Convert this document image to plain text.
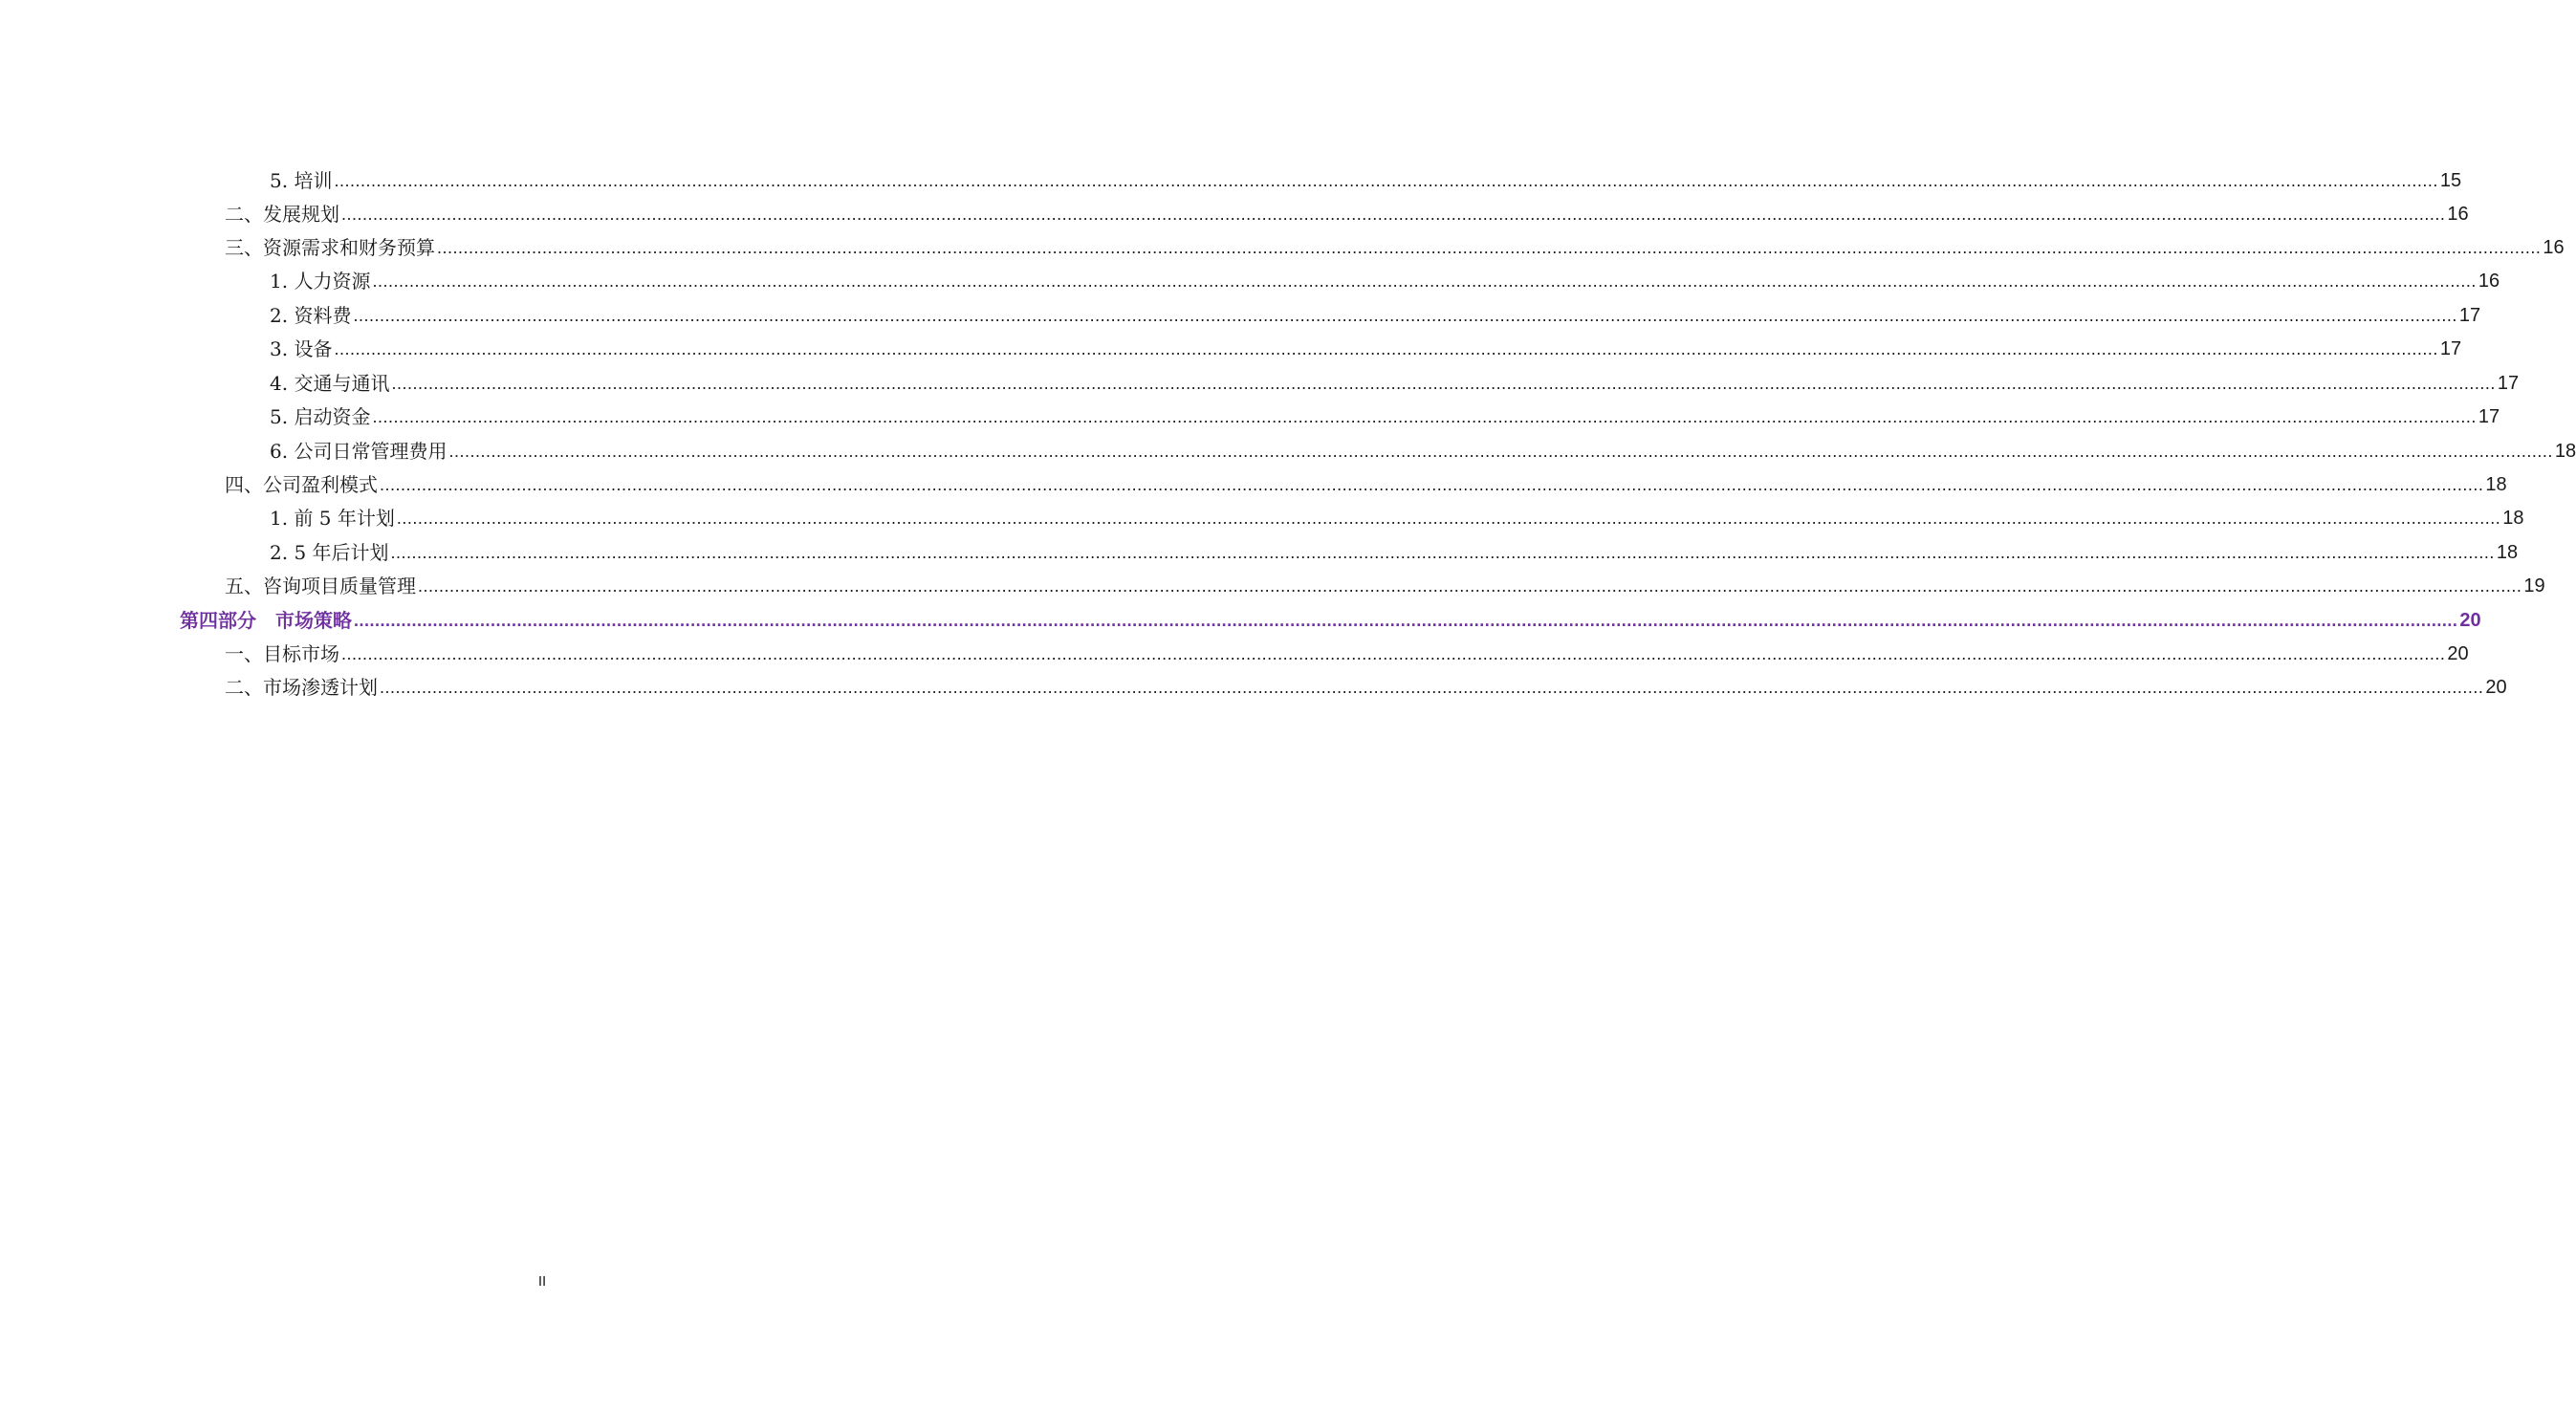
5. 培训 ................................................................................................................................................................................................................................................................................................................................................................................................................ 15
二、发展规划 ................................................................................................................................................................................................................................................................................................................................................................................................................ 16
三、资源需求和财务预算 ................................................................................................................................................................................................................................................................................................................................................................................................................ 16
1. 人力资源 ................................................................................................................................................................................................................................................................................................................................................................................................................ 16
2. 资料费 ................................................................................................................................................................................................................................................................................................................................................................................................................ 17
3. 设备 ................................................................................................................................................................................................................................................................................................................................................................................................................ 17
4. 交通与通讯 ................................................................................................................................................................................................................................................................................................................................................................................................................ 17
5. 启动资金 ................................................................................................................................................................................................................................................................................................................................................................................................................ 17
6. 公司日常管理费用 ................................................................................................................................................................................................................................................................................................................................................................................................................ 18
四、公司盈利模式 ................................................................................................................................................................................................................................................................................................................................................................................................................ 18
1. 前 5 年计划 ................................................................................................................................................................................................................................................................................................................................................................................................................ 18
2. 5 年后计划 ................................................................................................................................................................................................................................................................................................................................................................................................................ 18
五、咨询项目质量管理 ................................................................................................................................................................................................................................................................................................................................................................................................................ 19
第四部分　市场策略 ................................................................................................................................................................................................................................................................................................................................................................................................................ 20
一、目标市场 ................................................................................................................................................................................................................................................................................................................................................................................................................ 20
二、市场渗透计划 ................................................................................................................................................................................................................................................................................................................................................................................................................ 20
II
